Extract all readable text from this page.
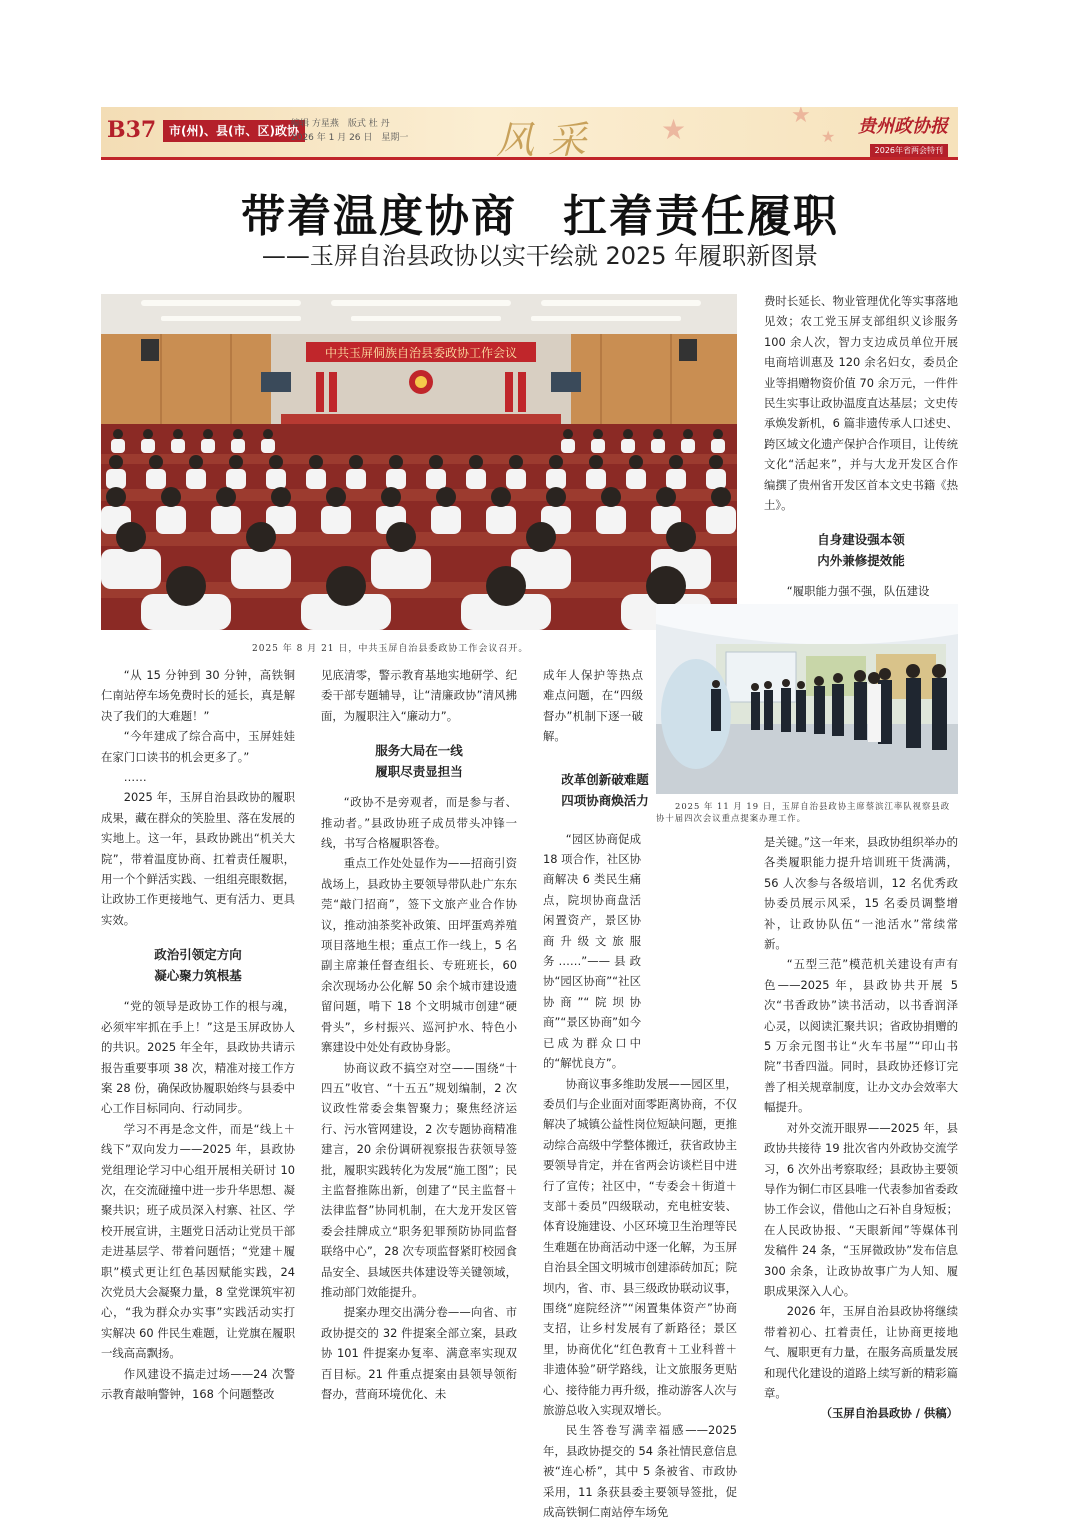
★	★
★
B37	市(州)、县(市、区)政协
编辑 方星燕　版式 杜 丹
2026 年 1 月 26 日　星期一 风采	贵州政协报
2026年省两会特刊
带着温度协商　扛着责任履职
——玉屏自治县政协以实干绘就 2025 年履职新图景
中共玉屏侗族自治县委政协工作会议
2025 年 8 月 21 日，中共玉屏自治县委政协工作会议召开。
2025 年 11 月 19 日，玉屏自治县政协主席蔡滨江率队视察县政
协十届四次会议重点提案办理工作。

“从 15 分钟到 30 分钟，高铁铜仁南站停车场免费时长的延长，真是解决了我们的大难题！”

“今年建成了综合高中，玉屏娃娃在家门口读书的机会更多了。”

……

2025 年，玉屏自治县政协的履职成果，藏在群众的笑脸里、落在发展的实地上。这一年，县政协跳出“机关大院”，带着温度协商、扛着责任履职，用一个个鲜活实践、一组组亮眼数据，让政协工作更接地气、更有活力、更具实效。

政治引领定方向
凝心聚力筑根基

“党的领导是政协工作的根与魂，必须牢牢抓在手上！”这是玉屏政协人的共识。2025 年全年，县政协共请示报告重要事项 38 次，精准对接工作方案 28 份，确保政协履职始终与县委中心工作目标同向、行动同步。

学习不再是念文件，而是“线上＋线下”双向发力——2025 年，县政协党组理论学习中心组开展相关研讨 10 次，在交流碰撞中进一步升华思想、凝聚共识；班子成员深入村寨、社区、学校开展宣讲，主题党日活动让党员干部走进基层学、带着问题悟；“党建＋履职”模式更让红色基因赋能实践，24 次党员大会凝聚力量，8 堂党课筑牢初心，“我为群众办实事”实践活动实打实解决 60 件民生难题，让党旗在履职一线高高飘扬。

作风建设不搞走过场——24 次警示教育敲响警钟，168 个问题整改

见底清零，警示教育基地实地研学、纪委干部专题辅导，让“清廉政协”清风拂面，为履职注入“廉动力”。

服务大局在一线
履职尽责显担当

“政协不是旁观者，而是参与者、推动者。”县政协班子成员带头冲锋一线，书写合格履职答卷。

重点工作处处显作为——招商引资战场上，县政协主要领导带队赴广东东莞“敲门招商”，签下文旅产业合作协议，推动油茶奖补政策、田坪蛋鸡养殖项目落地生根；重点工作一线上，5 名副主席兼任督查组长、专班班长，60 余次现场办公化解 50 余个城市建设遗留问题，啃下 18 个文明城市创建“硬骨头”，乡村振兴、巡河护水、特色小寨建设中处处有政协身影。

协商议政不搞空对空——围绕“十四五”收官、“十五五”规划编制，2 次议政性常委会集智聚力；聚焦经济运行、污水管网建设，2 次专题协商精准建言，20 余份调研视察报告获领导签批，履职实践转化为发展“施工图”；民主监督推陈出新，创建了“民主监督＋法律监督”协同机制，在大龙开发区管委会挂牌成立“职务犯罪预防协同监督联络中心”，28 次专项监督紧盯校园食品安全、县域医共体建设等关键领域，推动部门效能提升。

提案办理交出满分卷——向省、市政协提交的 32 件提案全部立案，县政协 101 件提案办复率、满意率实现双百目标。21 件重点提案由县领导领衔督办，营商环境优化、未

成年人保护等热点难点问题，在“四级督办”机制下逐一破解。

改革创新破难题
四项协商焕活力

“园区协商促成 18 项合作，社区协商解决 6 类民生痛点，院坝协商盘活闲置资产，景区协商升级文旅服务……”——县政协“园区协商”“社区协商”“院坝协商”“景区协商”如今已成为群众口中的“解忧良方”。

协商议事多维助发展——园区里，委员们与企业面对面零距离协商，不仅解决了城镇公益性岗位短缺问题，更推动综合高级中学整体搬迁，获省政协主要领导肯定，并在省两会访谈栏目中进行了宣传；社区中，“专委会＋街道＋支部＋委员”四级联动，充电桩安装、体育设施建设、小区环境卫生治理等民生难题在协商活动中逐一化解，为玉屏自治县全国文明城市创建添砖加瓦；院坝内，省、市、县三级政协联动议事，围绕“庭院经济”“闲置集体资产”协商支招，让乡村发展有了新路径；景区里，协商优化“红色教育＋工业科普＋非遗体验”研学路线，让文旅服务更贴心、接待能力再升级，推动游客人次与旅游总收入实现双增长。

民生答卷写满幸福感——2025 年，县政协提交的 54 条社情民意信息被“连心桥”，其中 5 条被省、市政协采用，11 条获县委主要领导签批，促成高铁铜仁南站停车场免

费时长延长、物业管理优化等实事落地见效；农工党玉屏支部组织义诊服务 100 余人次，智力支边成员单位开展电商培训惠及 120 余名妇女，委员企业等捐赠物资价值 70 余万元，一件件民生实事让政协温度直达基层；文史传承焕发新机，6 篇非遗传承人口述史、跨区域文化遗产保护合作项目，让传统文化“活起来”，并与大龙开发区合作编撰了贵州省开发区首本文史书籍《热土》。

自身建设强本领
内外兼修提效能

“履职能力强不强，队伍建设

是关键。”这一年来，县政协组织举办的各类履职能力提升培训班干货满满，56 人次参与各级培训，12 名优秀政协委员展示风采，15 名委员调整增补，让政协队伍“一池活水”常续常新。

“五型三范”模范机关建设有声有色——2025 年，县政协共开展 5 次“书香政协”读书活动，以书香润泽心灵，以阅读汇聚共识；省政协捐赠的 5 万余元图书让“火车书屋”“印山书院”书香四溢。同时，县政协还修订完善了相关规章制度，让办文办会效率大幅提升。

对外交流开眼界——2025 年，县政协共接待 19 批次省内外政协交流学习，6 次外出考察取经；县政协主要领导作为铜仁市区县唯一代表参加省委政协工作会议，借他山之石补自身短板；在人民政协报、“天眼新闻”等媒体刊发稿件 24 条，“玉屏微政协”发布信息 300 余条，让政协故事广为人知、履职成果深入人心。

2026 年，玉屏自治县政协将继续带着初心、扛着责任，让协商更接地气、履职更有力量，在服务高质量发展和现代化建设的道路上续写新的精彩篇章。

（玉屏自治县政协 / 供稿）
